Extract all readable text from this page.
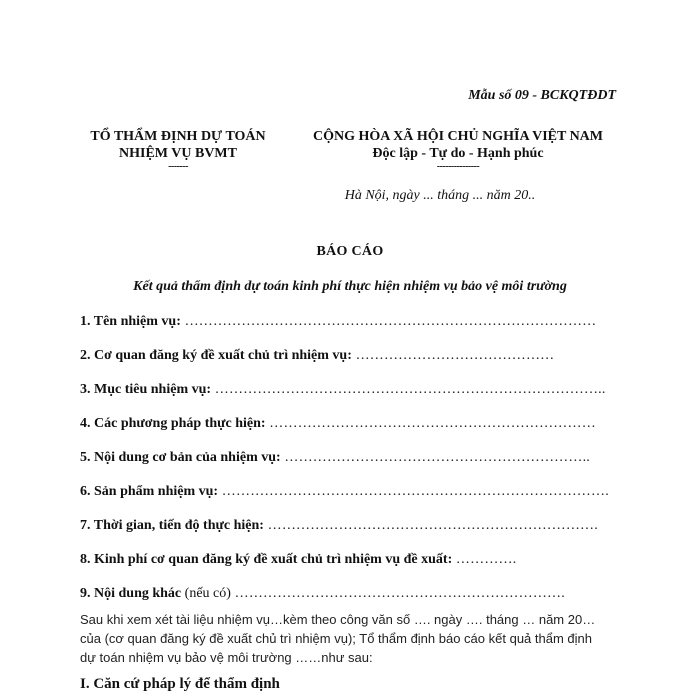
Mẫu số 09 - BCKQTĐDT
TỔ THẨM ĐỊNH DỰ TOÁN
NHIỆM VỤ BVMT
-------
CỘNG HÒA XÃ HỘI CHỦ NGHĨA VIỆT NAM
Độc lập - Tự do - Hạnh phúc
---------------
Hà Nội, ngày ... tháng ... năm 20..
BÁO CÁO
Kết quả thẩm định dự toán kinh phí thực hiện nhiệm vụ bảo vệ môi trường
1. Tên nhiệm vụ: ……………………………………………………………………………
2. Cơ quan đăng ký đề xuất chủ trì nhiệm vụ: ……………………………………
3. Mục tiêu nhiệm vụ: ………………………………………………………………………..
4. Các phương pháp thực hiện: ……………………………………………………………
5. Nội dung cơ bản của nhiệm vụ: ………………………………………………………..
6. Sản phẩm nhiệm vụ: ……………………………………………………………………….
7. Thời gian, tiến độ thực hiện: …………………………………………………………….
8. Kinh phí cơ quan đăng ký đề xuất chủ trì nhiệm vụ đề xuất: ………….
9. Nội dung khác (nếu có) …………………………………………………………….
Sau khi xem xét tài liệu nhiệm vụ…kèm theo công văn số …. ngày …. tháng … năm 20…
của (cơ quan đăng ký đề xuất chủ trì nhiệm vụ); Tổ thẩm định báo cáo kết quả thẩm định
dự toán nhiệm vụ bảo vệ môi trường ……như sau:
I. Căn cứ pháp lý để thẩm định
